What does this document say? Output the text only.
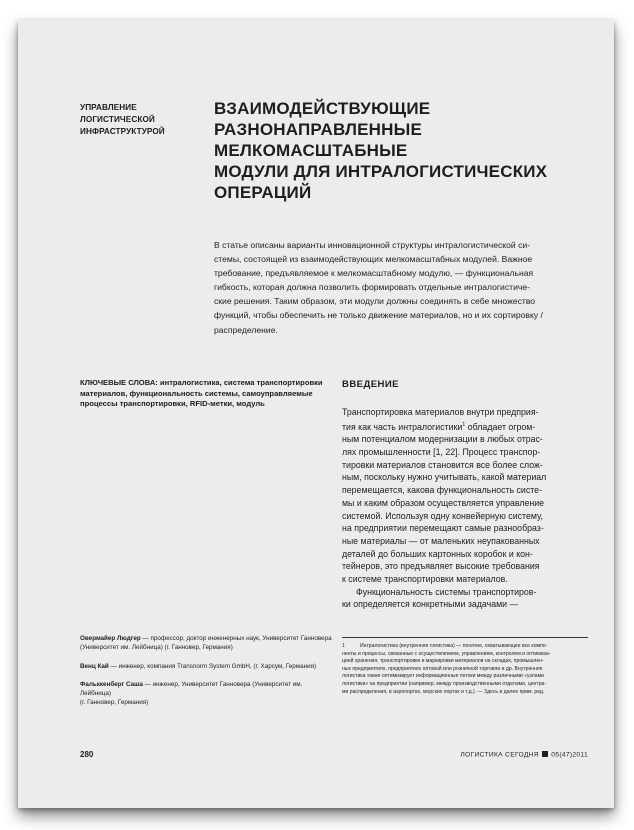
УПРАВЛЕНИЕ
ЛОГИСТИЧЕСКОЙ
ИНФРАСТРУКТУРОЙ
ВЗАИМОДЕЙСТВУЮЩИЕ
РАЗНОНАПРАВЛЕННЫЕ МЕЛКОМАСШТАБНЫЕ
МОДУЛИ ДЛЯ ИНТРАЛОГИСТИЧЕСКИХ
ОПЕРАЦИЙ
В статье описаны варианты инновационной структуры интралогистической си-
стемы, состоящей из взаимодействующих мелкомасштабных модулей. Важное
требование, предъявляемое к мелкомасштабному модулю, — функциональная
гибкость, которая должна позволить формировать отдельные интралогистиче-
ские решения. Таким образом, эти модули должны соединять в себе множество
функций, чтобы обеспечить не только движение материалов, но и их сортировку /
распределение.
КЛЮЧЕВЫЕ СЛОВА: интралогистика, система транспортировки
материалов, функциональность системы, самоуправляемые
процессы транспортировки, RFID-метки, модуль
ВВЕДЕНИЕ
Транспортировка материалов внутри предприя-
тия как часть интралогистики$^1$ обладает огром-
ным потенциалом модернизации в любых отрас-
лях промышленности [1, 22]. Процесс транспор-
тировки материалов становится все более слож-
ным, поскольку нужно учитывать, какой материал
перемещается, какова функциональность систе-
мы и каким образом осуществляется управление
системой. Используя одну конвейерную систему,
на предприятии перемещают самые разнообраз-
ные материалы — от маленьких неупакованных
деталей до больших картонных коробок и кон-
тейнеров, это предъявляет высокие требования
к системе транспортировки материалов.
Функциональность системы транспортиров-
ки определяется конкретными задачами —
1	Интралогистика (внутренняя логистика) — понятие, охватывающее все компо-
ненты и процессы, связанные с осуществлением, управлением, контролем и оптимиза-
цией хранения, транспортировки и маркировки материалов на складах, промышлен-
ных предприятиях, предприятиях оптовой или розничной торговли и др. Внутренняя
логистика также оптимизирует информационные потоки между различными «узлами
логистики» на предприятии (например, между производственными отделами, центра-
ми распределения, в аэропортах, морских портах и т.д.). — Здесь и далее прим. ред.
Овермайер Людгер — профессор, доктор инженерных наук, Университет Ганновера
(Университет им. Лейбница) (г. Ганновер, Германия)
Венц Кай — инженер, компания Transnorm System GmbH, (г. Харсум, Германия)
Фальккенберг Саша — инженер, Университет Ганновера (Университет им. Лейбница)
(г. Ганновер, Германия)
280	ЛОГИСТИКА СЕГОДНЯ 05(47)2011
